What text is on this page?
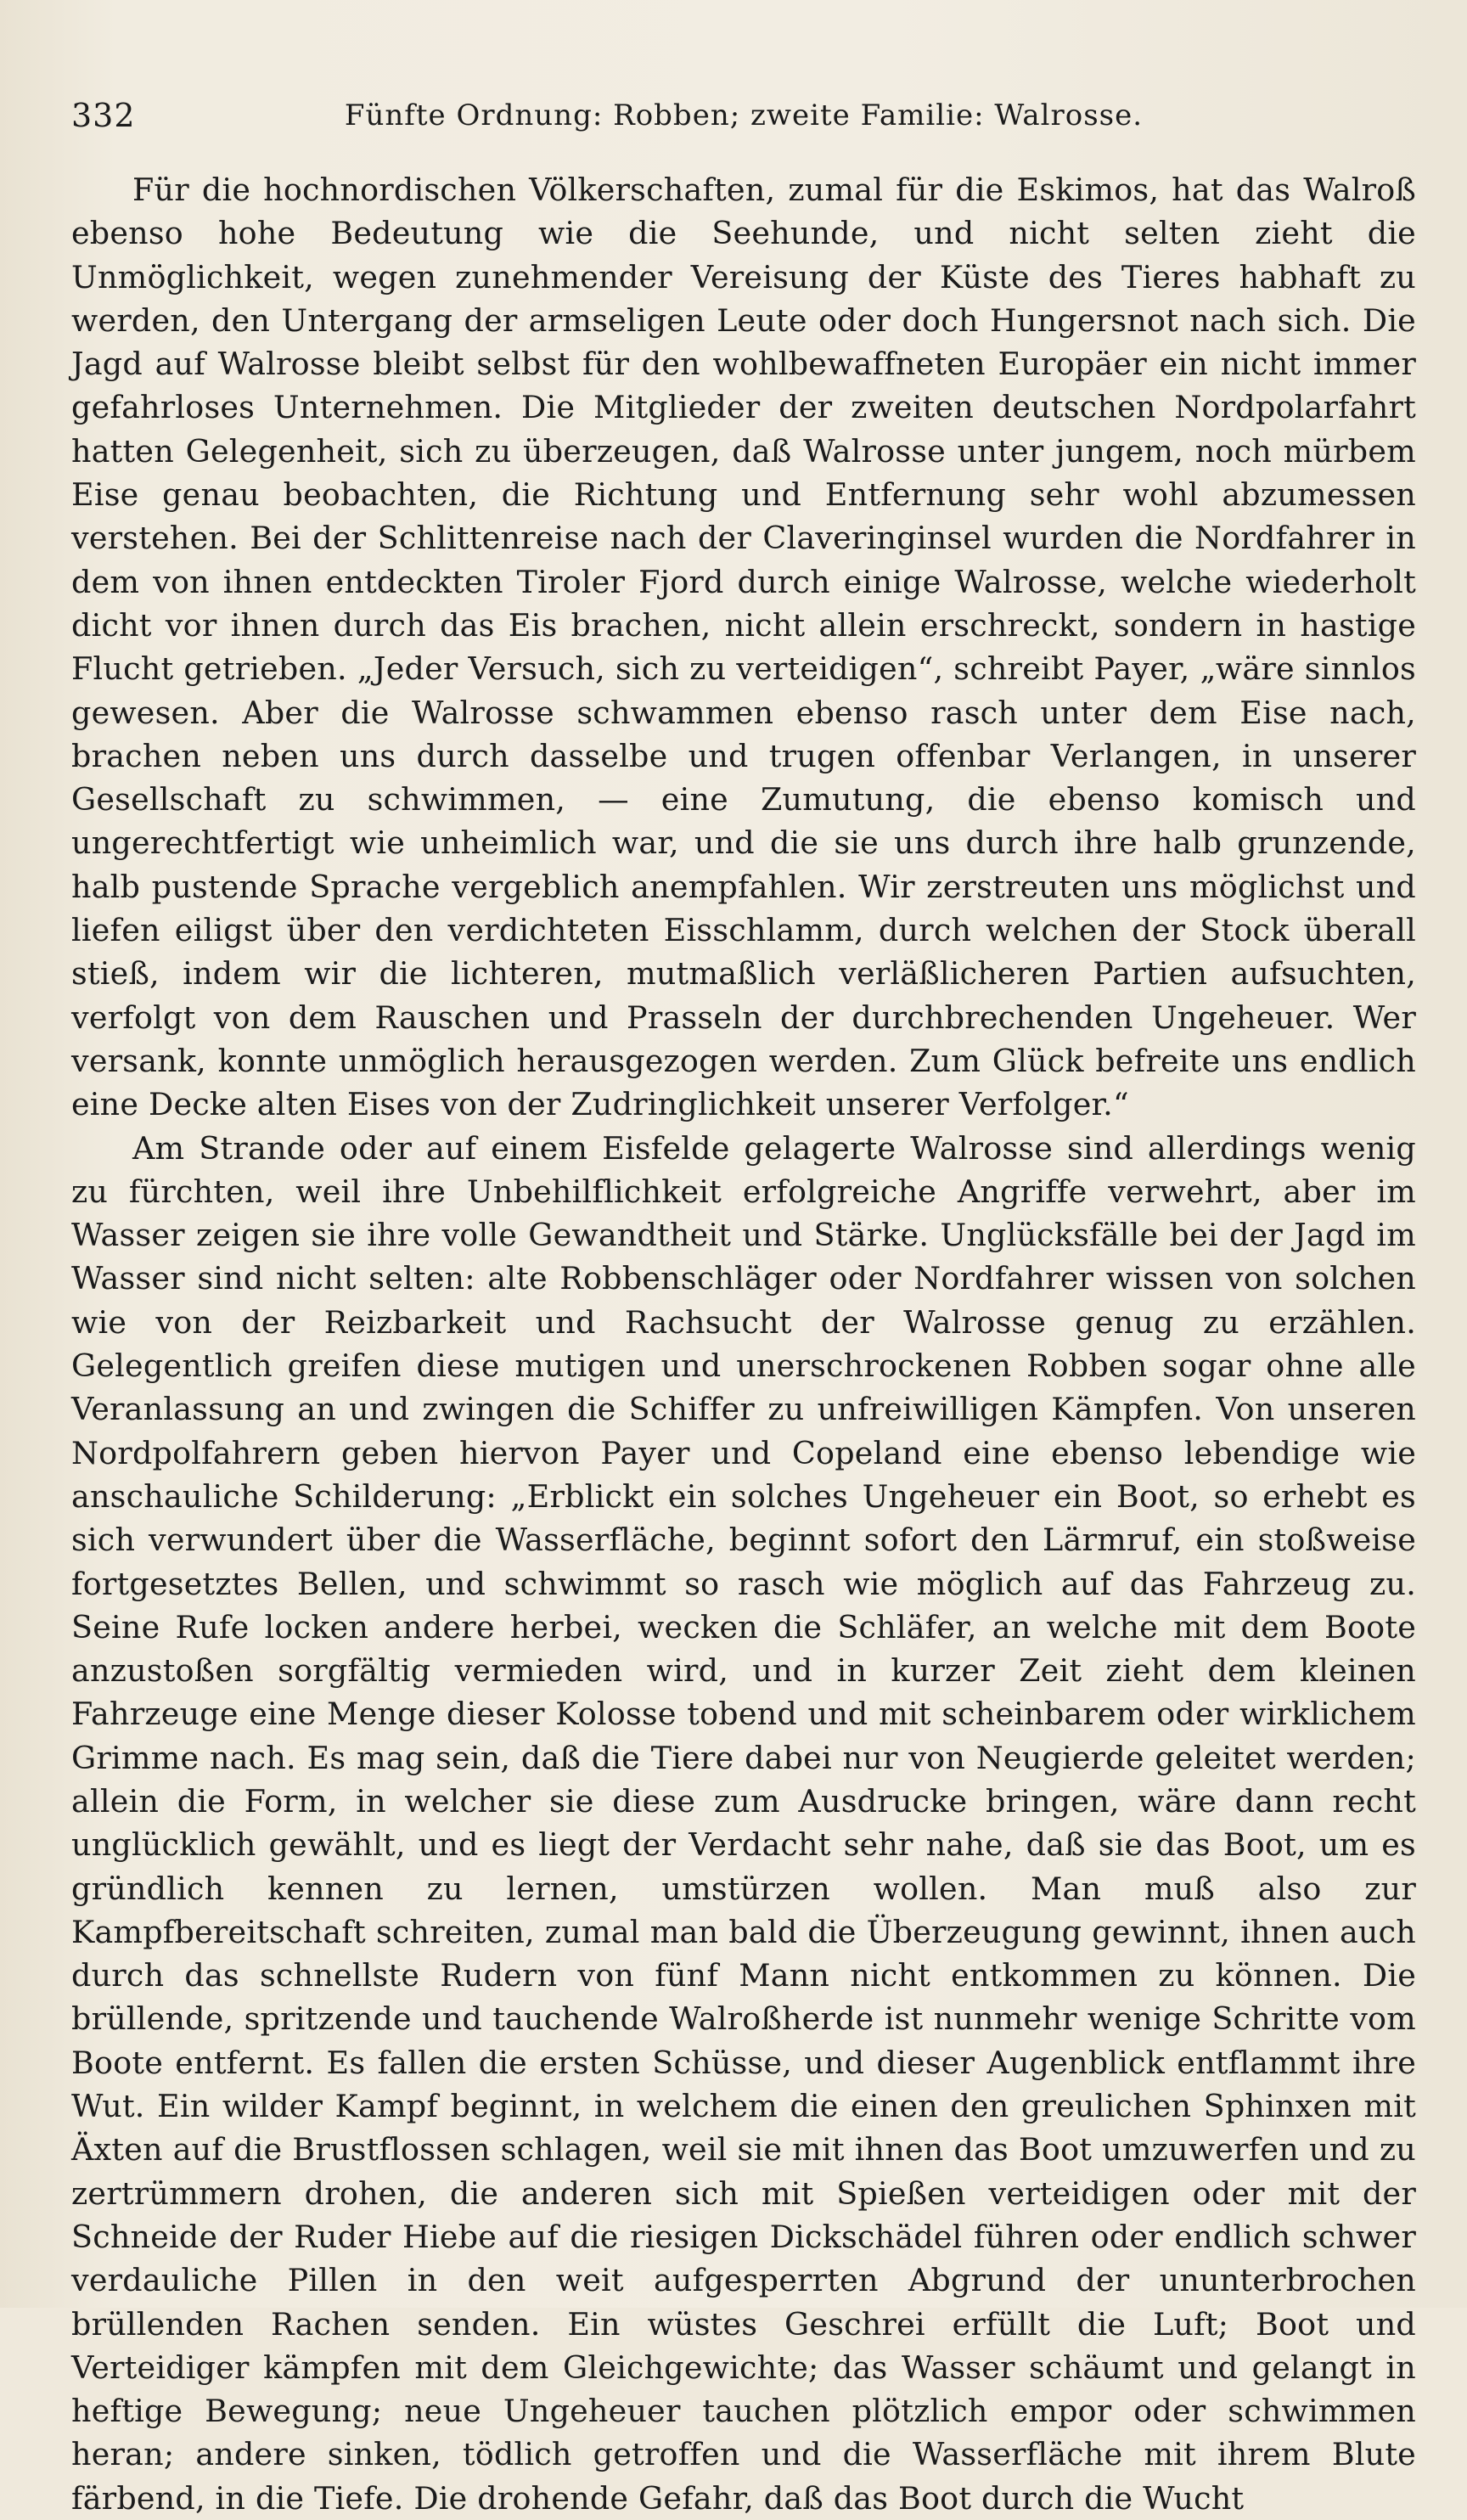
332	Fünfte Ordnung: Robben; zweite Familie: Walrosse.

Für die hochnordischen Völkerschaften, zumal für die Eskimos, hat das Walroß ebenso hohe Bedeutung wie die Seehunde, und nicht selten zieht die Unmöglichkeit, wegen zunehmender Vereisung der Küste des Tieres habhaft zu werden, den Untergang der armseligen Leute oder doch Hungersnot nach sich. Die Jagd auf Walrosse bleibt selbst für den wohlbewaffneten Europäer ein nicht immer gefahrloses Unternehmen. Die Mitglieder der zweiten deutschen Nordpolarfahrt hatten Gelegenheit, sich zu überzeugen, daß Walrosse unter jungem, noch mürbem Eise genau beobachten, die Richtung und Entfernung sehr wohl abzumessen verstehen. Bei der Schlittenreise nach der Claveringinsel wurden die Nordfahrer in dem von ihnen entdeckten Tiroler Fjord durch einige Walrosse, welche wiederholt dicht vor ihnen durch das Eis brachen, nicht allein erschreckt, sondern in hastige Flucht getrieben. „Jeder Versuch, sich zu verteidigen“, schreibt Payer, „wäre sinnlos gewesen. Aber die Walrosse schwammen ebenso rasch unter dem Eise nach, brachen neben uns durch dasselbe und trugen offenbar Verlangen, in unserer Gesellschaft zu schwimmen, — eine Zumutung, die ebenso komisch und ungerechtfertigt wie unheimlich war, und die sie uns durch ihre halb grunzende, halb pustende Sprache vergeblich anempfahlen. Wir zerstreuten uns möglichst und liefen eiligst über den verdichteten Eisschlamm, durch welchen der Stock überall stieß, indem wir die lichteren, mutmaßlich verläßlicheren Partien aufsuchten, verfolgt von dem Rauschen und Prasseln der durchbrechenden Ungeheuer. Wer versank, konnte unmöglich herausgezogen werden. Zum Glück befreite uns endlich eine Decke alten Eises von der Zudringlichkeit unserer Verfolger.“

Am Strande oder auf einem Eisfelde gelagerte Walrosse sind allerdings wenig zu fürchten, weil ihre Unbehilflichkeit erfolgreiche Angriffe verwehrt, aber im Wasser zeigen sie ihre volle Gewandtheit und Stärke. Unglücksfälle bei der Jagd im Wasser sind nicht selten: alte Robbenschläger oder Nordfahrer wissen von solchen wie von der Reizbarkeit und Rachsucht der Walrosse genug zu erzählen. Gelegentlich greifen diese mutigen und unerschrockenen Robben sogar ohne alle Veranlassung an und zwingen die Schiffer zu unfreiwilligen Kämpfen. Von unseren Nordpolfahrern geben hiervon Payer und Copeland eine ebenso lebendige wie anschauliche Schilderung: „Erblickt ein solches Ungeheuer ein Boot, so erhebt es sich verwundert über die Wasserfläche, beginnt sofort den Lärmruf, ein stoßweise fortgesetztes Bellen, und schwimmt so rasch wie möglich auf das Fahrzeug zu. Seine Rufe locken andere herbei, wecken die Schläfer, an welche mit dem Boote anzustoßen sorgfältig vermieden wird, und in kurzer Zeit zieht dem kleinen Fahrzeuge eine Menge dieser Kolosse tobend und mit scheinbarem oder wirklichem Grimme nach. Es mag sein, daß die Tiere dabei nur von Neugierde geleitet werden; allein die Form, in welcher sie diese zum Ausdrucke bringen, wäre dann recht unglücklich gewählt, und es liegt der Verdacht sehr nahe, daß sie das Boot, um es gründlich kennen zu lernen, umstürzen wollen. Man muß also zur Kampfbereitschaft schreiten, zumal man bald die Überzeugung gewinnt, ihnen auch durch das schnellste Rudern von fünf Mann nicht entkommen zu können. Die brüllende, spritzende und tauchende Walroßherde ist nunmehr wenige Schritte vom Boote entfernt. Es fallen die ersten Schüsse, und dieser Augenblick entflammt ihre Wut. Ein wilder Kampf beginnt, in welchem die einen den greulichen Sphinxen mit Äxten auf die Brustflossen schlagen, weil sie mit ihnen das Boot umzuwerfen und zu zertrümmern drohen, die anderen sich mit Spießen verteidigen oder mit der Schneide der Ruder Hiebe auf die riesigen Dickschädel führen oder endlich schwer verdauliche Pillen in den weit aufgesperrten Abgrund der ununterbrochen brüllenden Rachen senden. Ein wüstes Geschrei erfüllt die Luft; Boot und Verteidiger kämpfen mit dem Gleichgewichte; das Wasser schäumt und gelangt in heftige Bewegung; neue Ungeheuer tauchen plötzlich empor oder schwimmen heran; andere sinken, tödlich getroffen und die Wasserfläche mit ihrem Blute färbend, in die Tiefe. Die drohende Gefahr, daß das Boot durch die Wucht
